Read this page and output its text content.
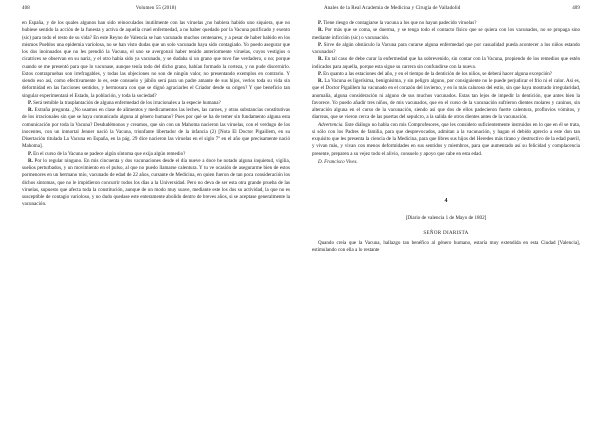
408	Volumen 55 (2018)

en España, y de los quales algunos han sido reinoculados inutilmente con las viruelas ¿no hubiera habido uno siquiera, que no hubiese sentido la acción de la funesta y activa de aquella cruel enfermedad, a no haber quedado por la Vacuna purificado y exento (sic) para todo el resto de su vida? En este Reyno de Valencia se han vacunado muchos centenares, y a pesar de haber habido en los mismos Pueblos una epidemia variolosa, no se han visto dudas que un solo vacunado haya sido contagiado. Yo puedo asegurar que los dos inoinuados que no les prendió la Vacuna, el uno se avergonzó haber tenido anteriormente viruelas, cuyos vestigios o cicatrices se observan en su nariz, y el otro había sido ya vacunado, y se dudaba si un grano que tuvo fue verdadero, o no; porque cuando se me presentó para que lo vacunase, aunque tenía todo del dicho grano, habían formado la corteza, y no pude discernirlo. Estos contrapruebas son irrefragables, y todas las objeciones no son de ningún valor, no presentando exemplos en contrario. Y siendo eso así, como efectivamente lo es, este consuelo y júbilo será para un padre amante de sus hijos, verlos toda su vida sin deformidad en las facciones sentidos, y hermosura con que se dignó agraciarles el Criador desde su origen? Y que beneficio tan singular experimentará el Estado, la población, y toda la sociedad?

P. Será temible la trasplantación de alguna enfermedad de los irracionales a la especie humana?

R. Extraña pregunta. ¿No usamos en clase de alimentos y medicamentos las leches, las carnes, y otras substancias constitutivas de los irracionales sin que se haya comunicado alguna al género humano? Pues por qué se ha de temer sin fundamento alguna esta comunicación por toda la Vacuna? Desdudémonos y creamos, que sin con un Mahoma nacieron las viruelas, con el verdugo de los inocentes, con un inmortal Jenner nació la Vacuna, triunfante libertador de la infancia (2) [Nota El Doctor Pigaillem, en su Disertación titulada La Vacuna en España, en la pág. 29 dice nacieron las viruelas en el siglo 7º en el año que precisamente nació Mahoma].

P. En el curso de la Vacuna se padece algún síntoma que exija algún remedio?

R. Por lo regular ninguno. En mis cincuenta y dos vacunaciones desde el día nueve a doce he notado alguna inquietud, vigilia, sueños perturbados, y un movimiento en el pulso, al que no puedo llamarse calentura. Y tu ve ocasión de asegurarme bien de estos pormenores en un hermano mío, vacunado de edad de 22 años, cursante de Medicina, en quien fueron de tan poca consideración los dichos síntomas, que no le impidieron concurrir todos los días a la Universidad. Pero no deva de ser esta otra grande prueba de las viruelas, supuesto que afecta toda la constitución, aunque de un modo muy suave, mediante este los dos su actividad, la que no es susceptible de contagio varioloso, y no dudo quedase este enteramente abolido dentro de breves años, si se aceptase generalmente la vacunación.

Anales de la Real Academia de Medicina y Cirugía de Valladolid	409

P. Tiene riesgo de contagiarse la vacuna a los que no hayan padecido viruelas?

R. Por más que se coma, se duerma, y se tenga todo el contacto físico que se quiera con los vacunados, no se propaga sino mediante inficción (sic) o vacunación.

P. Sirve de algún obstáculo la Vacuna para curarse alguna enfermedad que por casualidad pueda acontecer a los niños estando vacunados?

R. En tal caso de debe curar la enfermedad que ha sobrevenido, sin contar con la Vacuna, propiendo de los remedios que estén indicados para aquella, porque esta sigue su carrera sin confundirse con la nueva.

P. En quanto a las estaciones del año, y en el tiempo de la dentición de los niños, se deberá hacer alguna excepción?

R. La Vacuna es ligerísima, benignísima, y sin peligro alguno, por consiguiente no le puede perjudicar el frío ni el calor. Así es, que el Doctor Pigaillem ha vacunado en el corazón del invierno, y en lo más caluroso del estío, sin que haya mostrado irregularidad, anomalía, alguna consideración ni alguno de sus muchos vacunados. Estas tan lejos de impedir la dentición, que antes bien la favorece. Yo puedo añadir tres niños, de mis vacunados, que en el curso de la vacunación sufrieron dientes molares y caninos, sin alteración alguna en el curso de la vacunación, siendo así que dos de ellos padecieron fuerte calentura, profluvios vómitos, y diarreas, que se vieron cerca de las puertas del sepulcro, a la salida de otros dientes antes de la vacunación.

Advertencia. Este diálogo no habla con mis Comprofesores, que les considero suficientemente instruidos en lo que en él se trata, si sólo con los Padres de familia, para que desprevocados, admitan a la vacunación, y hagan el debido aprecio a este don tan exquisito que les presenta la ciencia de la Medicina, para que libres sus hijos del Heredes más tirano y destructivo de la edad pueril, y vivan más, y vivan con menos deformidades en sus sentidos y miembros, para que aumentado así su felicidad y complacencia presente, preparen a su vejez todo el alivio, consuelo y apoyo que cabe en esta edad.

D. Francisco Vives.

4
[Diario de valencia 1 de Mayo de 1802]
SEÑOR DIARISTA

Quando creía que la Vacuna, hallazgo tan benéfico al género humano, estaría muy extendida en esta Ciudad [Valencia], estimulando con ella a lo restante
